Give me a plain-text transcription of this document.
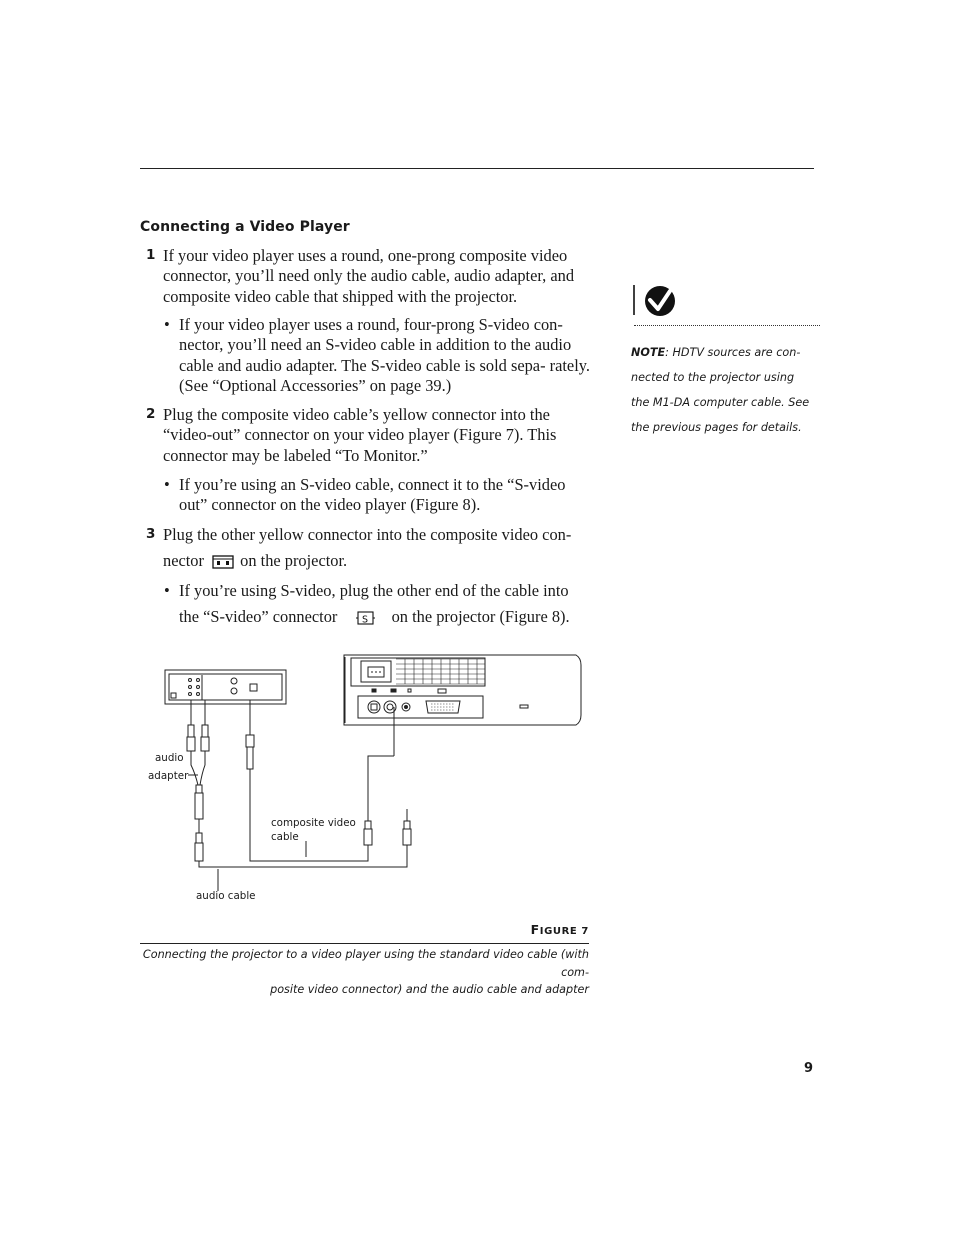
Connecting a Video Player
1 If your video player uses a round, one-prong composite video connector, you’ll need only the audio cable, audio adapter, and composite video cable that shipped with the projector.
• If your video player uses a round, four-prong S-video con- nector, you’ll need an S-video cable in addition to the audio cable and audio adapter. The S-video cable is sold sepa- rately. (See “Optional Accessories” on page 39.)
2 Plug the composite video cable’s yellow connector into the “video-out” connector on your video player (Figure 7). This connector may be labeled “To Monitor.”
• If you’re using an S-video cable, connect it to the “S-video out” connector on the video player (Figure 8).
3 Plug the other yellow connector into the composite video con-
nector on the projector.
• If you’re using S-video, plug the other end of the cable into
the “S-video” connector	S on the projector (Figure 8).
NOTE: HDTV sources are con- nected to the projector using the M1-DA computer cable. See the previous pages for details.
audio
adapter
composite video
cable
audio cable
FIGURE 7
Connecting the projector to a video player using the standard video cable (with com-
posite video connector) and the audio cable and adapter
9
